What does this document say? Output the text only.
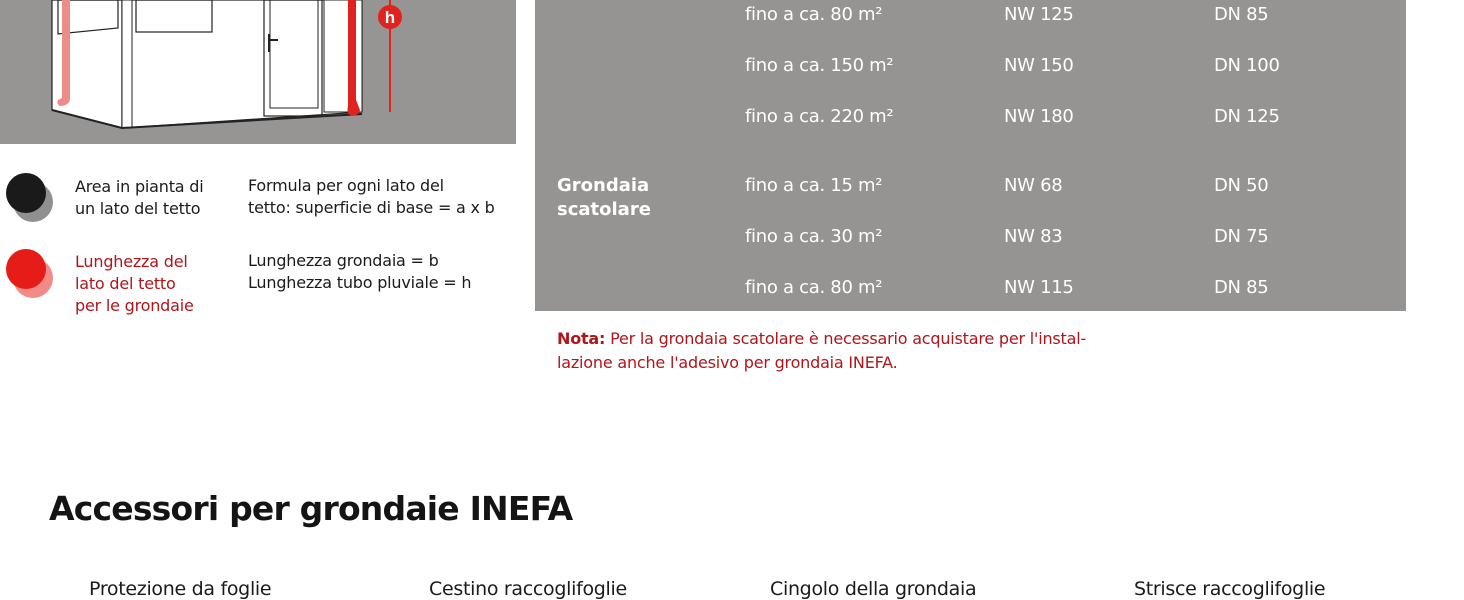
h
Area in pianta di
un lato del tetto
Formula per ogni lato del
tetto: superficie di base = a x b
Lunghezza del
lato del tetto
per le grondaie
Lunghezza grondaia = b
Lunghezza tubo pluviale = h
fino a ca. 80 m²	NW 125	DN 85
fino a ca. 150 m²	NW 150	DN 100
fino a ca. 220 m²	NW 180	DN 125
Grondaia
scatolare
fino a ca. 15 m²	NW 68	DN 50
fino a ca. 30 m²	NW 83	DN 75
fino a ca. 80 m²	NW 115	DN 85
Nota: Per la grondaia scatolare è necessario acquistare per l'instal-
lazione anche l'adesivo per grondaia INEFA.
Accessori per grondaie INEFA
Protezione da foglie	Cestino raccoglifoglie	Cingolo della grondaia	Strisce raccoglifoglie
